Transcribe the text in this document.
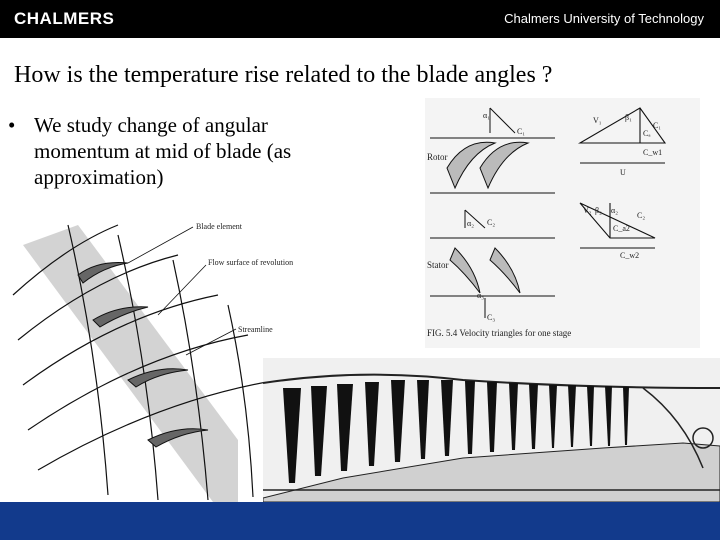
CHALMERS	Chalmers University of Technology
How is the temperature rise related to the blade angles ?
• We study change of angular momentum at mid of blade (as approximation)
Blade element
Flow surface of revolution
Streamline
Rotor
α₁
C₁
Stator
α₂ C₂
α₃
C₃
V₁	β₁
C₁
Cₐ
C_w1
U
V₂ β₂ α₂
C₂
C_a2
C_w2
FIG. 5.4 Velocity triangles for one stage
